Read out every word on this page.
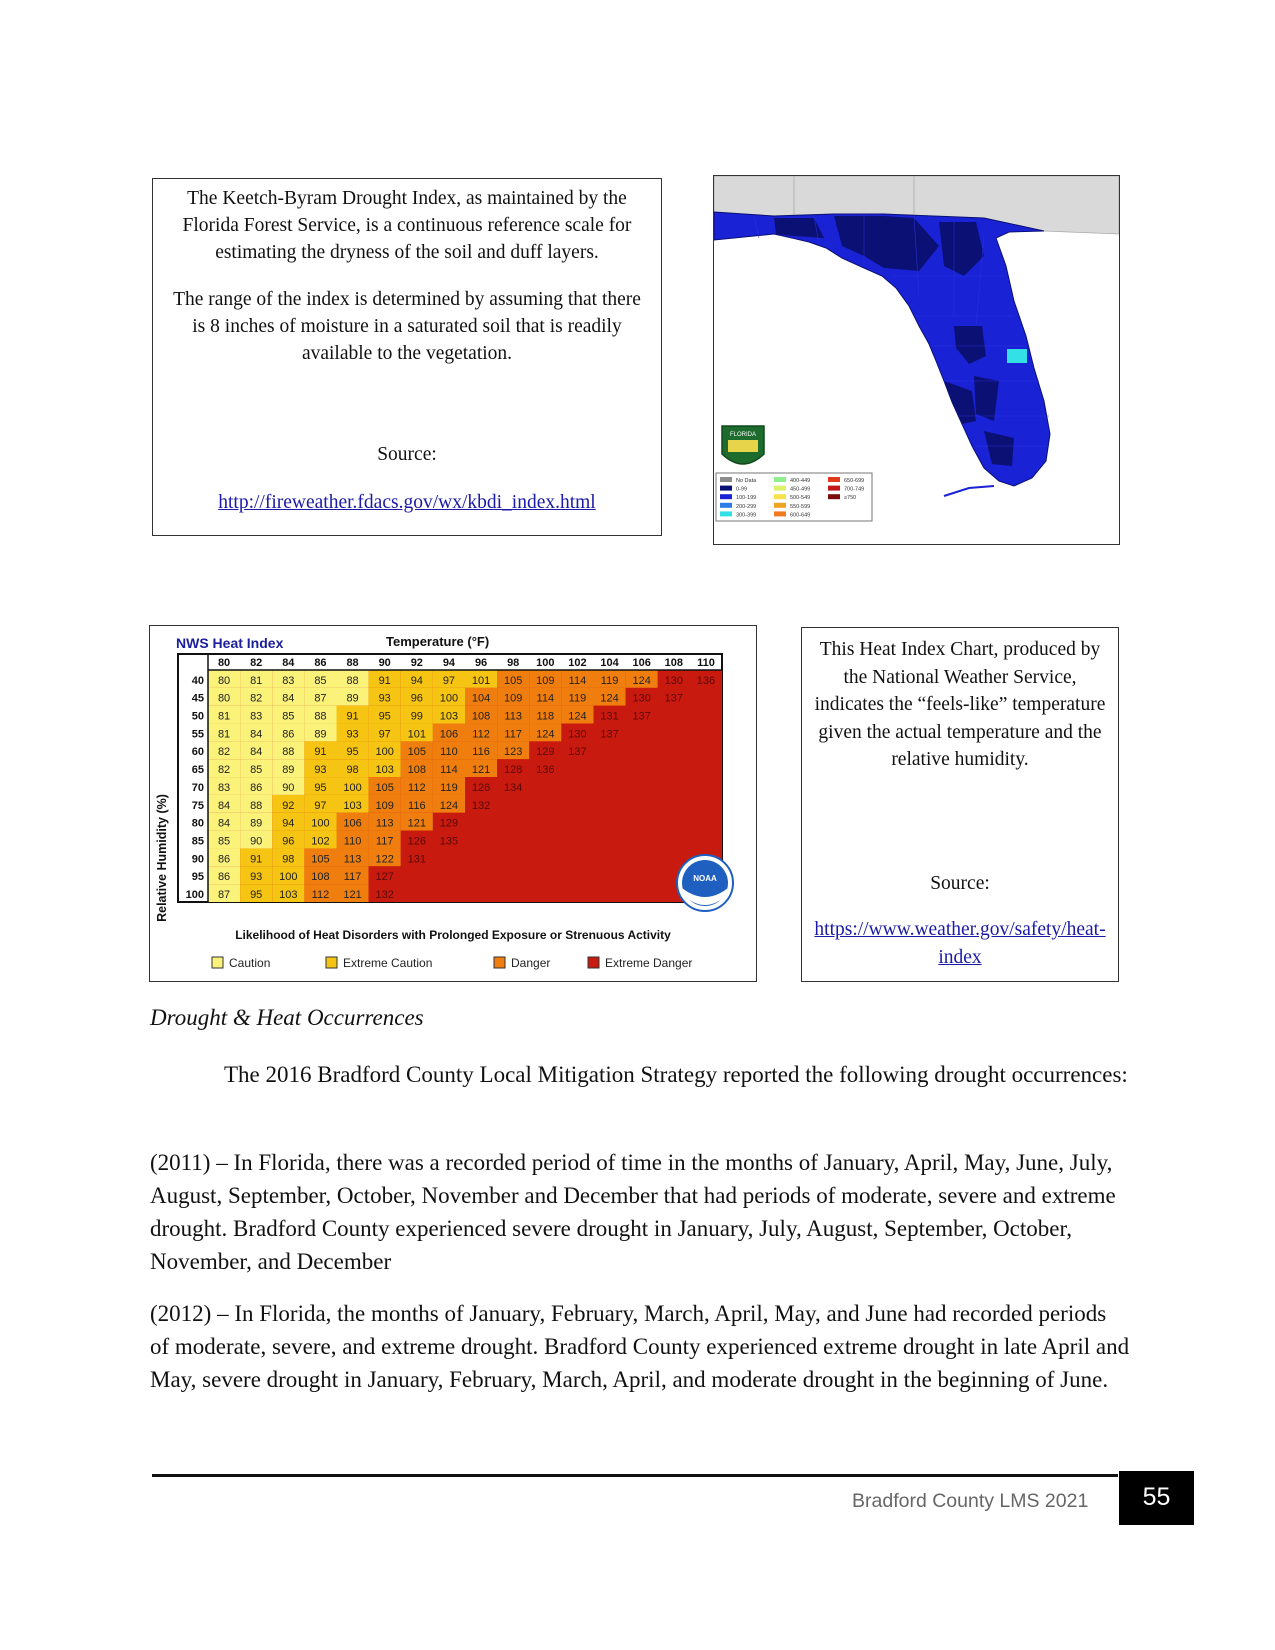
The Keetch-Byram Drought Index, as maintained by the Florida Forest Service, is a continuous reference scale for estimating the dryness of the soil and duff layers.

The range of the index is determined by assuming that there is 8 inches of moisture in a saturated soil that is readily available to the vegetation.

Source:
http://fireweather.fdacs.gov/wx/kbdi_index.html
FLORIDA
No Data
0-99
100-199
200-299
300-399
400-449
450-499
500-549
550-599
600-649
650-699
700-749
≥750
NWS Heat Index	Temperature (°F)
Relative Humidity (%)
80 82 84 86 88 90 92 94 96 98 100 102 104 106 108 110
40 80 81 83 85 88 91 94 97 101 105 109 114 119 124 130 136
45 80 82 84 87 89 93 96 100 104 109 114 119 124 130 137
50 81 83 85 88 91 95 99 103 108 113 118 124 131 137
55 81 84 86 89 93 97 101 106 112 117 124 130 137
60 82 84 88 91 95 100 105 110 116 123 129 137
65 82 85 89 93 98 103 108 114 121 128 136
70 83 86 90 95 100 105 112 119 126 134
75 84 88 92 97 103 109 116 124 132
80 84 89 94 100 106 113 121 129
85 85 90 96 102 110 117 126 135
90 86 91 98 105 113 122 131
95 86 93 100 108 117 127
100 87 95 103 112 121 132
NOAA
Likelihood of Heat Disorders with Prolonged Exposure or Strenuous Activity
Caution	Extreme Caution	Danger	Extreme Danger
This Heat Index Chart, produced by the National Weather Service, indicates the “feels-like” temperature given the actual temperature and the relative humidity.
Source:
https://www.weather.gov/safety/heat-index
Drought & Heat Occurrences

The 2016 Bradford County Local Mitigation Strategy reported the following drought occurrences:

(2011) – In Florida, there was a recorded period of time in the months of January, April, May, June, July, August, September, October, November and December that had periods of moderate, severe and extreme drought. Bradford County experienced severe drought in January, July, August, September, October, November, and December

(2012) – In Florida, the months of January, February, March, April, May, and June had recorded periods of moderate, severe, and extreme drought. Bradford County experienced extreme drought in late April and May, severe drought in January, February, March, April, and moderate drought in the beginning of June.

Bradford County LMS 2021	55
